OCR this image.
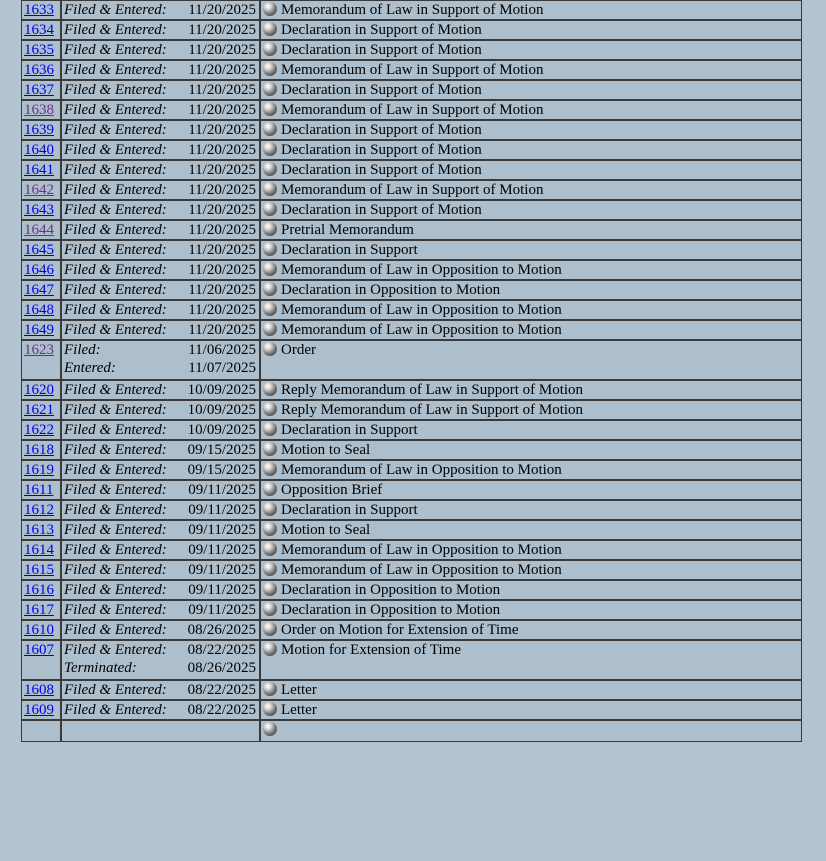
1633	Filed & Entered: 11/20/2025	Memorandum of Law in Support of Motion

1634	Filed & Entered: 11/20/2025	Declaration in Support of Motion

1635	Filed & Entered: 11/20/2025	Declaration in Support of Motion

1636	Filed & Entered: 11/20/2025	Memorandum of Law in Support of Motion

1637	Filed & Entered: 11/20/2025	Declaration in Support of Motion

1638	Filed & Entered: 11/20/2025	Memorandum of Law in Support of Motion

1639	Filed & Entered: 11/20/2025	Declaration in Support of Motion

1640	Filed & Entered: 11/20/2025	Declaration in Support of Motion

1641	Filed & Entered: 11/20/2025	Declaration in Support of Motion

1642	Filed & Entered: 11/20/2025	Memorandum of Law in Support of Motion

1643	Filed & Entered: 11/20/2025	Declaration in Support of Motion

1644	Filed & Entered: 11/20/2025	Pretrial Memorandum

1645	Filed & Entered: 11/20/2025	Declaration in Support

1646	Filed & Entered: 11/20/2025	Memorandum of Law in Opposition to Motion

1647	Filed & Entered: 11/20/2025	Declaration in Opposition to Motion

1648	Filed & Entered: 11/20/2025	Memorandum of Law in Opposition to Motion

1649	Filed & Entered: 11/20/2025	Memorandum of Law in Opposition to Motion

1623	Filed: 11/06/2025
Entered: 11/07/2025	Order

1620	Filed & Entered: 10/09/2025	Reply Memorandum of Law in Support of Motion

1621	Filed & Entered: 10/09/2025	Reply Memorandum of Law in Support of Motion

1622	Filed & Entered: 10/09/2025	Declaration in Support

1618	Filed & Entered: 09/15/2025	Motion to Seal

1619	Filed & Entered: 09/15/2025	Memorandum of Law in Opposition to Motion

1611	Filed & Entered: 09/11/2025	Opposition Brief

1612	Filed & Entered: 09/11/2025	Declaration in Support

1613	Filed & Entered: 09/11/2025	Motion to Seal

1614	Filed & Entered: 09/11/2025	Memorandum of Law in Opposition to Motion

1615	Filed & Entered: 09/11/2025	Memorandum of Law in Opposition to Motion

1616	Filed & Entered: 09/11/2025	Declaration in Opposition to Motion

1617	Filed & Entered: 09/11/2025	Declaration in Opposition to Motion

1610	Filed & Entered: 08/26/2025	Order on Motion for Extension of Time

1607	Filed & Entered: 08/22/2025
Terminated: 08/26/2025	Motion for Extension of Time

1608	Filed & Entered: 08/22/2025	Letter

1609	Filed & Entered: 08/22/2025	Letter
